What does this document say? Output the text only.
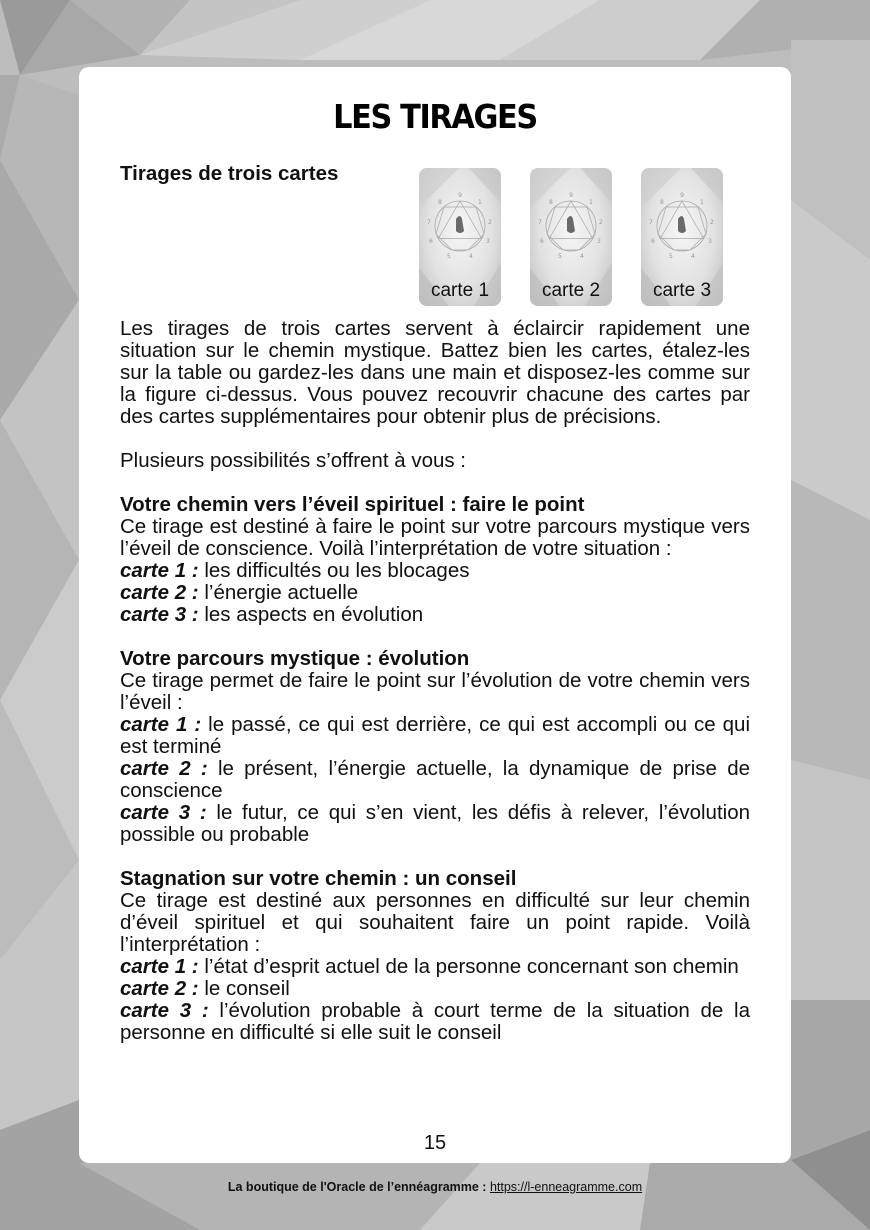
LES TIRAGES
Tirages de trois cartes
9
1
2
3
4
5
6
7
8
carte 1
9
1
2
3
4
5
6
7
8
carte 2
9
1
2
3
4
5
6
7
8
carte 3
Les tirages de trois cartes servent à éclaircir rapidement une situation sur le chemin mystique. Battez bien les cartes, étalez-les sur la table ou gardez-les dans une main et disposez-les comme sur la figure ci-dessus. Vous pouvez recouvrir chacune des cartes par des cartes supplémentaires pour obtenir plus de précisions.
Plusieurs possibilités s’offrent à vous :
Votre chemin vers l’éveil spirituel : faire le point
Ce tirage est destiné à faire le point sur votre parcours mystique vers l’éveil de conscience. Voilà l’interprétation de votre situation :
carte 1 : les difficultés ou les blocages
carte 2 : l’énergie actuelle
carte 3 : les aspects en évolution
Votre parcours mystique : évolution
Ce tirage permet de faire le point sur l’évolution de votre chemin vers l’éveil :
carte 1 : le passé, ce qui est derrière, ce qui est accompli ou ce qui est terminé
carte 2 : le présent, l’énergie actuelle, la dynamique de prise de conscience
carte 3 : le futur, ce qui s’en vient, les défis à relever, l’évolution possible ou probable
Stagnation sur votre chemin : un conseil
Ce tirage est destiné aux personnes en difficulté sur leur chemin d’éveil spirituel et qui souhaitent faire un point rapide. Voilà l’interprétation :
carte 1 : l’état d’esprit actuel de la personne concernant son chemin
carte 2 : le conseil
carte 3 : l’évolution probable à court terme de la situation de la personne en difficulté si elle suit le conseil
15
La boutique de l'Oracle de l’ennéagramme : https://l-enneagramme.com
